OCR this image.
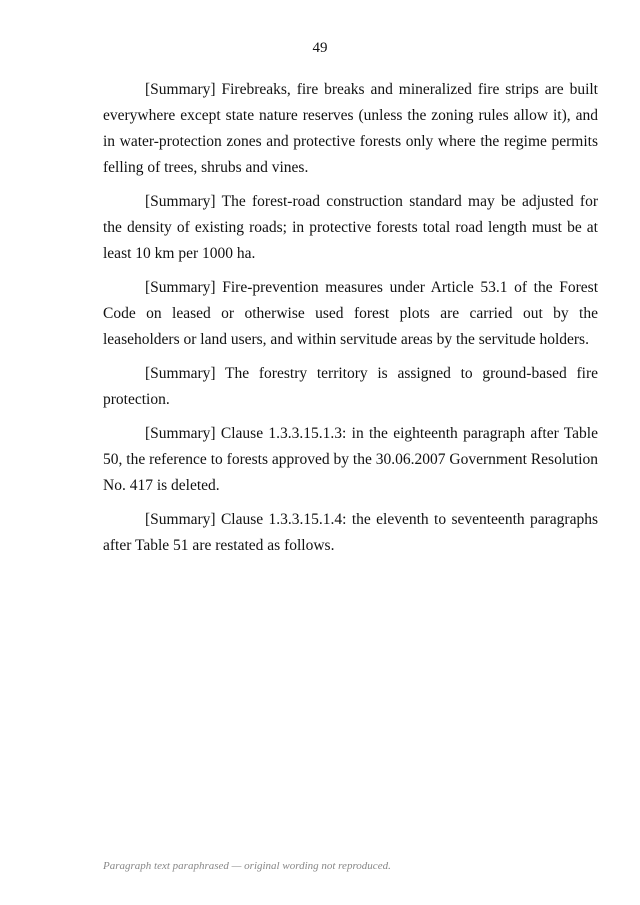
49

[Summary] Firebreaks, fire breaks and mineralized fire strips are built everywhere except state nature reserves (unless the zoning rules allow it), and in water-protection zones and protective forests only where the regime permits felling of trees, shrubs and vines.

[Summary] The forest-road construction standard may be adjusted for the density of existing roads; in protective forests total road length must be at least 10 km per 1000 ha.

[Summary] Fire-prevention measures under Article 53.1 of the Forest Code on leased or otherwise used forest plots are carried out by the leaseholders or land users, and within servitude areas by the servitude holders.

[Summary] The forestry territory is assigned to ground-based fire protection.

[Summary] Clause 1.3.3.15.1.3: in the eighteenth paragraph after Table 50, the reference to forests approved by the 30.06.2007 Government Resolution No. 417 is deleted.

[Summary] Clause 1.3.3.15.1.4: the eleventh to seventeenth paragraphs after Table 51 are restated as follows.

Paragraph text paraphrased — original wording not reproduced.
